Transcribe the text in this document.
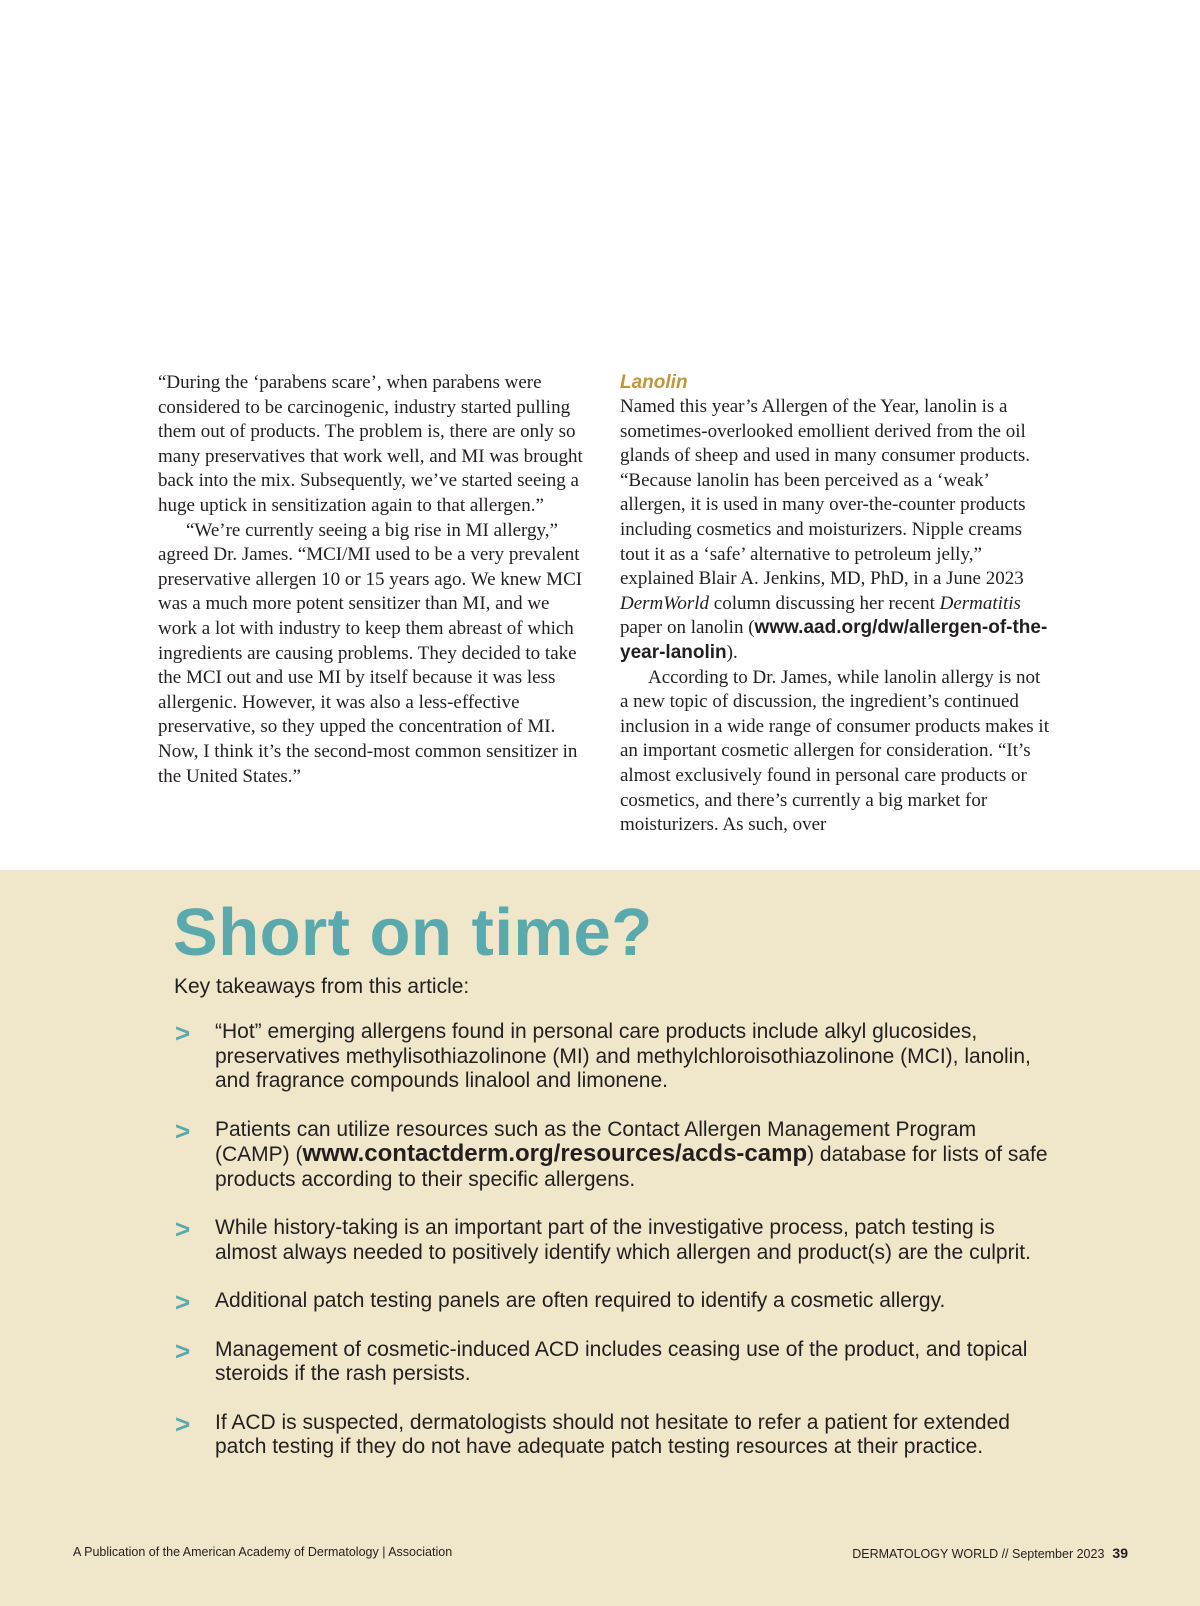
“During the ‘parabens scare’, when parabens were considered to be carcinogenic, industry started pulling them out of products. The problem is, there are only so many preservatives that work well, and MI was brought back into the mix. Subsequently, we’ve started seeing a huge uptick in sensitization again to that allergen.”

“We’re currently seeing a big rise in MI allergy,” agreed Dr. James. “MCI/MI used to be a very prevalent preservative allergen 10 or 15 years ago. We knew MCI was a much more potent sensitizer than MI, and we work a lot with industry to keep them abreast of which ingredients are causing problems. They decided to take the MCI out and use MI by itself because it was less allergenic. However, it was also a less-effective preservative, so they upped the concentration of MI. Now, I think it’s the second-most common sensitizer in the United States.”

Lanolin

Named this year’s Allergen of the Year, lanolin is a sometimes-overlooked emollient derived from the oil glands of sheep and used in many consumer products. “Because lanolin has been perceived as a ‘weak’ allergen, it is used in many over-the-counter products including cosmetics and moisturizers. Nipple creams tout it as a ‘safe’ alternative to petroleum jelly,” explained Blair A. Jenkins, MD, PhD, in a June 2023 DermWorld column discussing her recent Dermatitis paper on lanolin (www.aad.org/dw/allergen-of-the-year-lanolin).

According to Dr. James, while lanolin allergy is not a new topic of discussion, the ingredient’s continued inclusion in a wide range of consumer products makes it an important cosmetic allergen for consideration. “It’s almost exclusively found in personal care products or cosmetics, and there’s currently a big market for moisturizers. As such, over

Short on time?
Key takeaways from this article:
> “Hot” emerging allergens found in personal care products include alkyl glucosides, preservatives methylisothiazolinone (MI) and methylchloroisothiazolinone (MCI), lanolin, and fragrance compounds linalool and limonene.
> Patients can utilize resources such as the Contact Allergen Management Program (CAMP) (www.contactderm.org/resources/acds-camp) database for lists of safe products according to their specific allergens.
> While history-taking is an important part of the investigative process, patch testing is almost always needed to positively identify which allergen and product(s) are the culprit.
> Additional patch testing panels are often required to identify a cosmetic allergy.
> Management of cosmetic-induced ACD includes ceasing use of the product, and topical steroids if the rash persists.
> If ACD is suspected, dermatologists should not hesitate to refer a patient for extended patch testing if they do not have adequate patch testing resources at their practice.
A Publication of the American Academy of Dermatology | Association	DERMATOLOGY WORLD // September 2023 39
